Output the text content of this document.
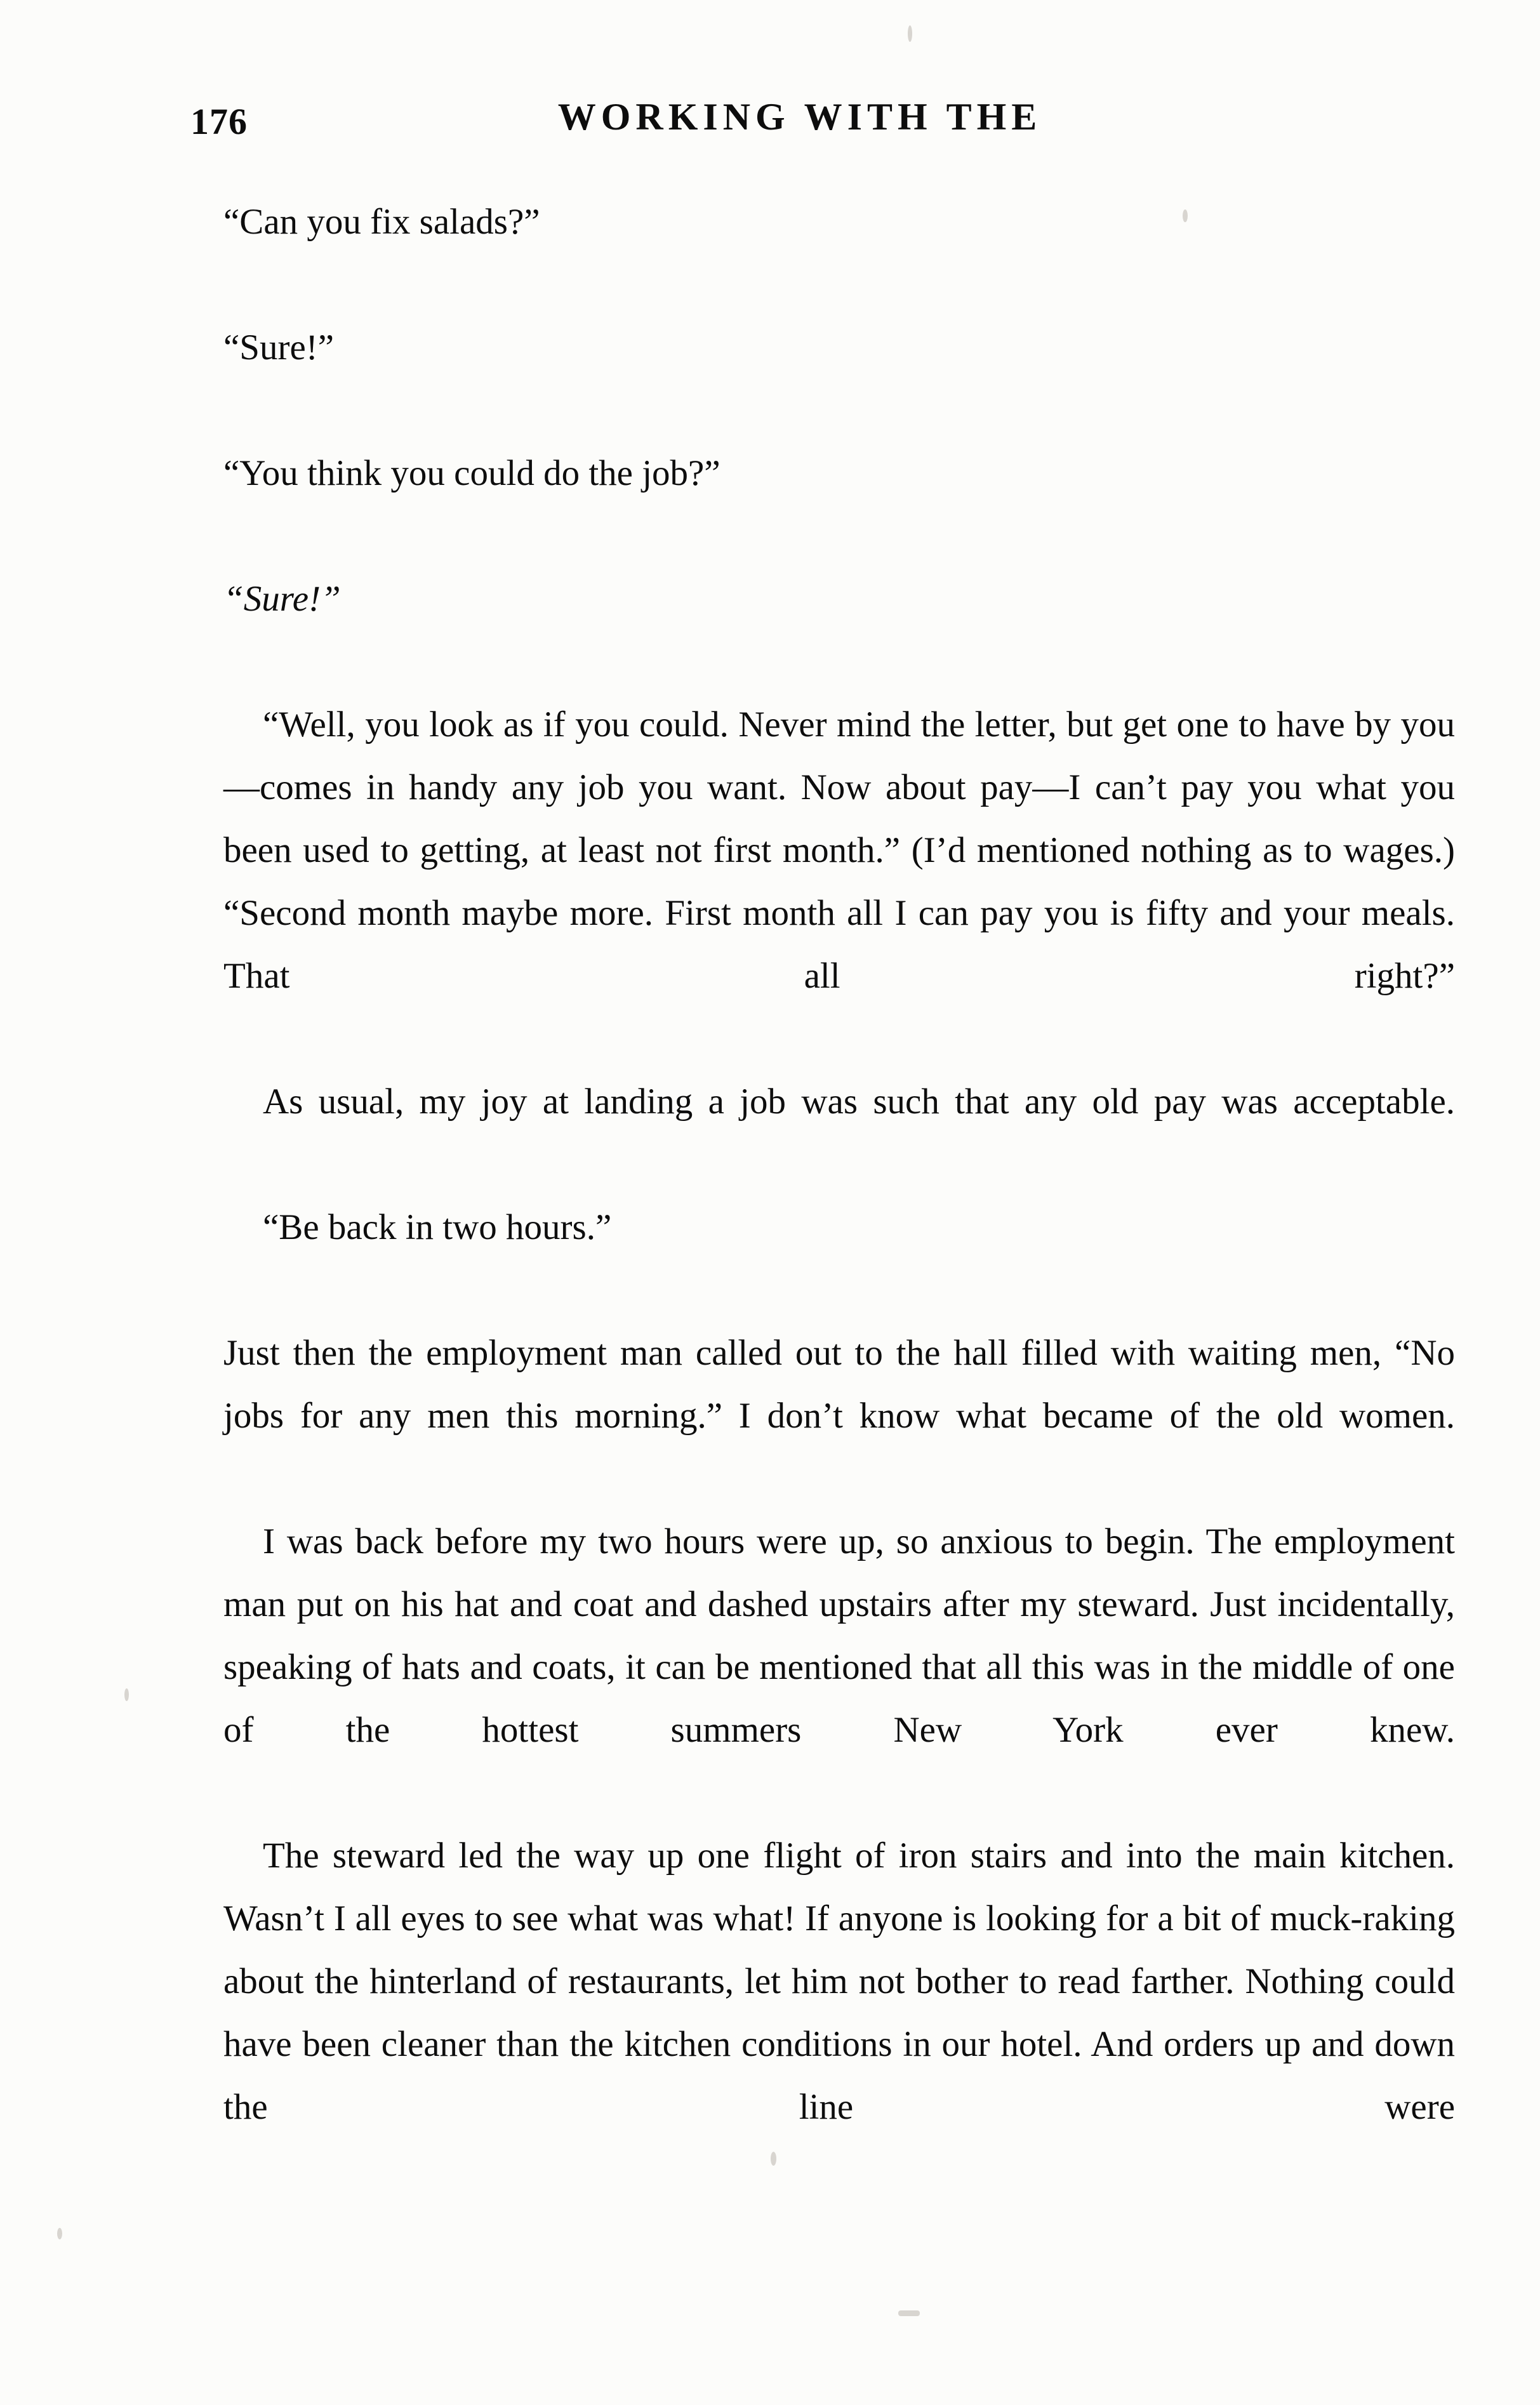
176	WORKING WITH THE

“Can you fix salads?”

“Sure!”

“You think you could do the job?”

“Sure!”

“Well, you look as if you could. Never mind the letter, but get one to have by you—comes in handy any job you want. Now about pay—I can’t pay you what you been used to getting, at least not first month.” (I’d mentioned nothing as to wages.) “Second month maybe more. First month all I can pay you is fifty and your meals. That all right?”

As usual, my joy at landing a job was such that any old pay was acceptable.

“Be back in two hours.”

Just then the employment man called out to the hall filled with waiting men, “No jobs for any men this morning.” I don’t know what became of the old women.

I was back before my two hours were up, so anxious to begin. The employment man put on his hat and coat and dashed upstairs after my steward. Just incidentally, speaking of hats and coats, it can be mentioned that all this was in the middle of one of the hottest summers New York ever knew.

The steward led the way up one flight of iron stairs and into the main kitchen. Wasn’t I all eyes to see what was what! If anyone is looking for a bit of muck-raking about the hinterland of restaurants, let him not bother to read farther. Nothing could have been cleaner than the kitchen conditions in our hotel. And orders up and down the line were
